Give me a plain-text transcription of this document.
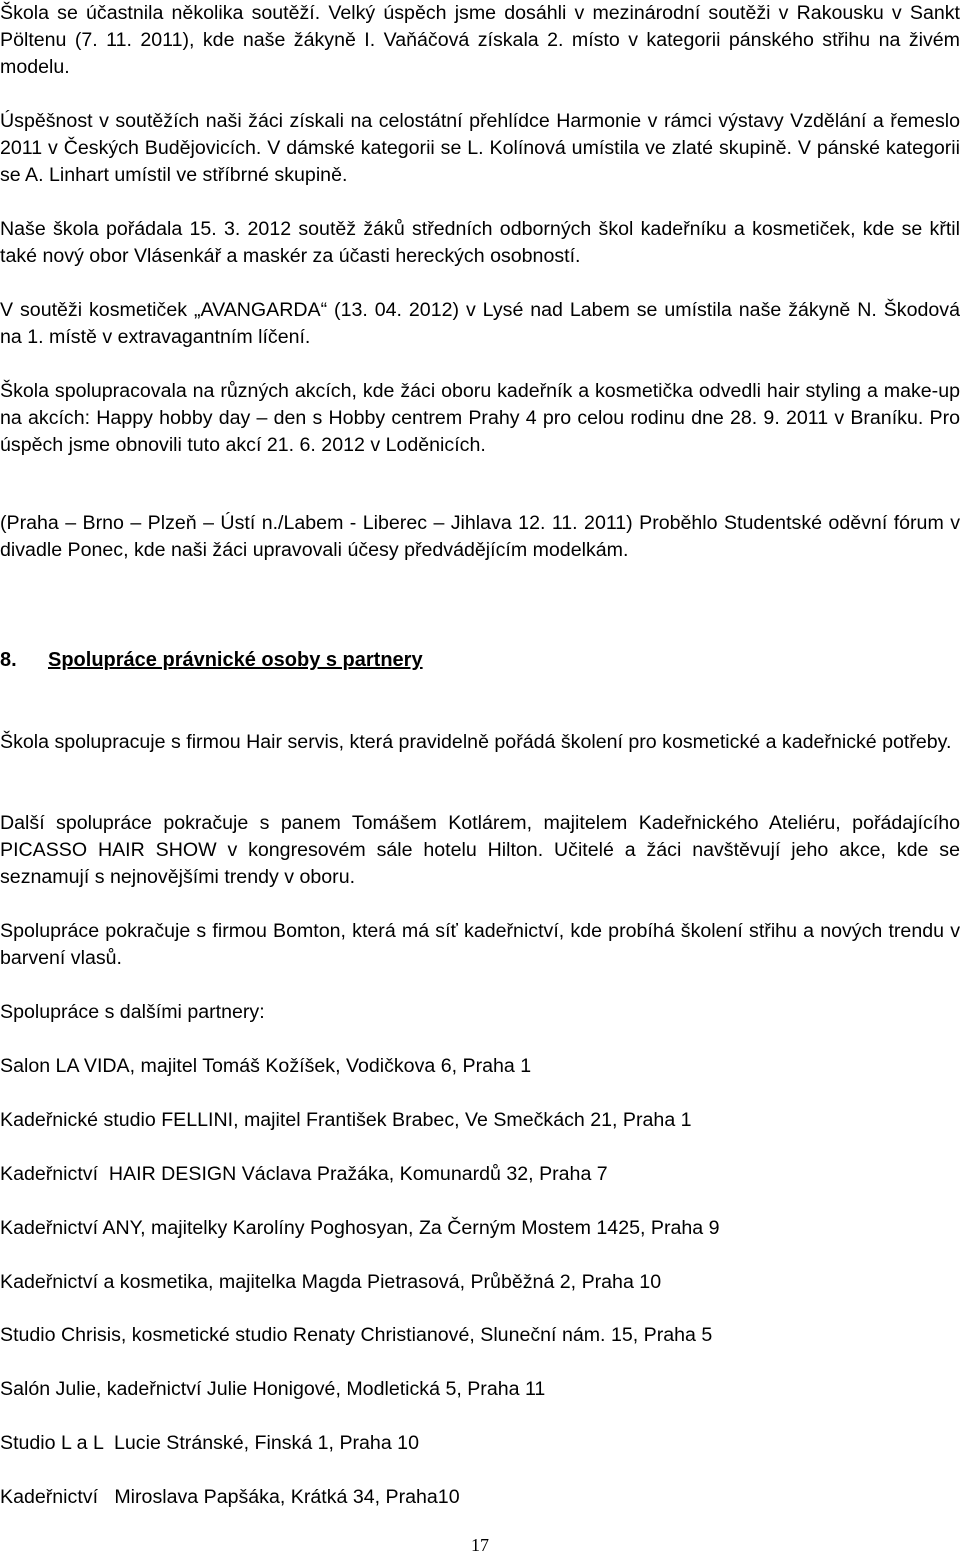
Škola se účastnila několika soutěží. Velký úspěch jsme dosáhli v mezinárodní soutěži v Rakousku v Sankt Pöltenu (7. 11. 2011), kde naše žákyně I. Vaňáčová získala 2. místo v kategorii pánského střihu na živém modelu.

Úspěšnost v soutěžích naši žáci získali na celostátní přehlídce Harmonie v rámci výstavy Vzdělání a řemeslo 2011 v Českých Budějovicích. V dámské kategorii se L. Kolínová umístila ve zlaté skupině. V pánské kategorii se A. Linhart umístil ve stříbrné skupině.

Naše škola pořádala 15. 3. 2012 soutěž žáků středních odborných škol kadeřníku a kosmetiček, kde se křtil také nový obor Vlásenkář a maskér za účasti hereckých osobností.

V soutěži kosmetiček „AVANGARDA“ (13. 04. 2012) v Lysé nad Labem se umístila naše žákyně N. Škodová na 1. místě v extravagantním líčení.

Škola spolupracovala na různých akcích, kde žáci oboru kadeřník a kosmetička odvedli hair styling a make-up na akcích: Happy hobby day – den s Hobby centrem Prahy 4 pro celou rodinu dne 28. 9. 2011 v Braníku. Pro úspěch jsme obnovili tuto akcí 21. 6. 2012 v Loděnicích.

(Praha – Brno – Plzeň – Ústí n./Labem - Liberec – Jihlava 12. 11. 2011) Proběhlo Studentské oděvní fórum v divadle Ponec, kde naši žáci upravovali účesy předvádějícím modelkám.

8. Spolupráce právnické osoby s partnery

Škola spolupracuje s firmou Hair servis, která pravidelně pořádá školení pro kosmetické a kadeřnické potřeby.

Další spolupráce pokračuje s panem Tomášem Kotlárem, majitelem Kadeřnického Ateliéru, pořádajícího PICASSO HAIR SHOW v kongresovém sále hotelu Hilton. Učitelé a žáci navštěvují jeho akce, kde se seznamují s nejnovějšími trendy v oboru.

Spolupráce pokračuje s firmou Bomton, která má síť kadeřnictví, kde probíhá školení střihu a nových trendu v barvení vlasů.

Spolupráce s dalšími partnery:

Salon LA VIDA, majitel Tomáš Kožíšek, Vodičkova 6, Praha 1

Kadeřnické studio FELLINI, majitel František Brabec, Ve Smečkách 21, Praha 1

Kadeřnictví  HAIR DESIGN Václava Pražáka, Komunardů 32, Praha 7

Kadeřnictví ANY, majitelky Karolíny Poghosyan, Za Černým Mostem 1425, Praha 9

Kadeřnictví a kosmetika, majitelka Magda Pietrasová, Průběžná 2, Praha 10

Studio Chrisis, kosmetické studio Renaty Christianové, Sluneční nám. 15, Praha 5

Salón Julie, kadeřnictví Julie Honigové, Modletická 5, Praha 11

Studio L a L  Lucie Stránské, Finská 1, Praha 10

Kadeřnictví   Miroslava Papšáka, Krátká 34, Praha10

17
